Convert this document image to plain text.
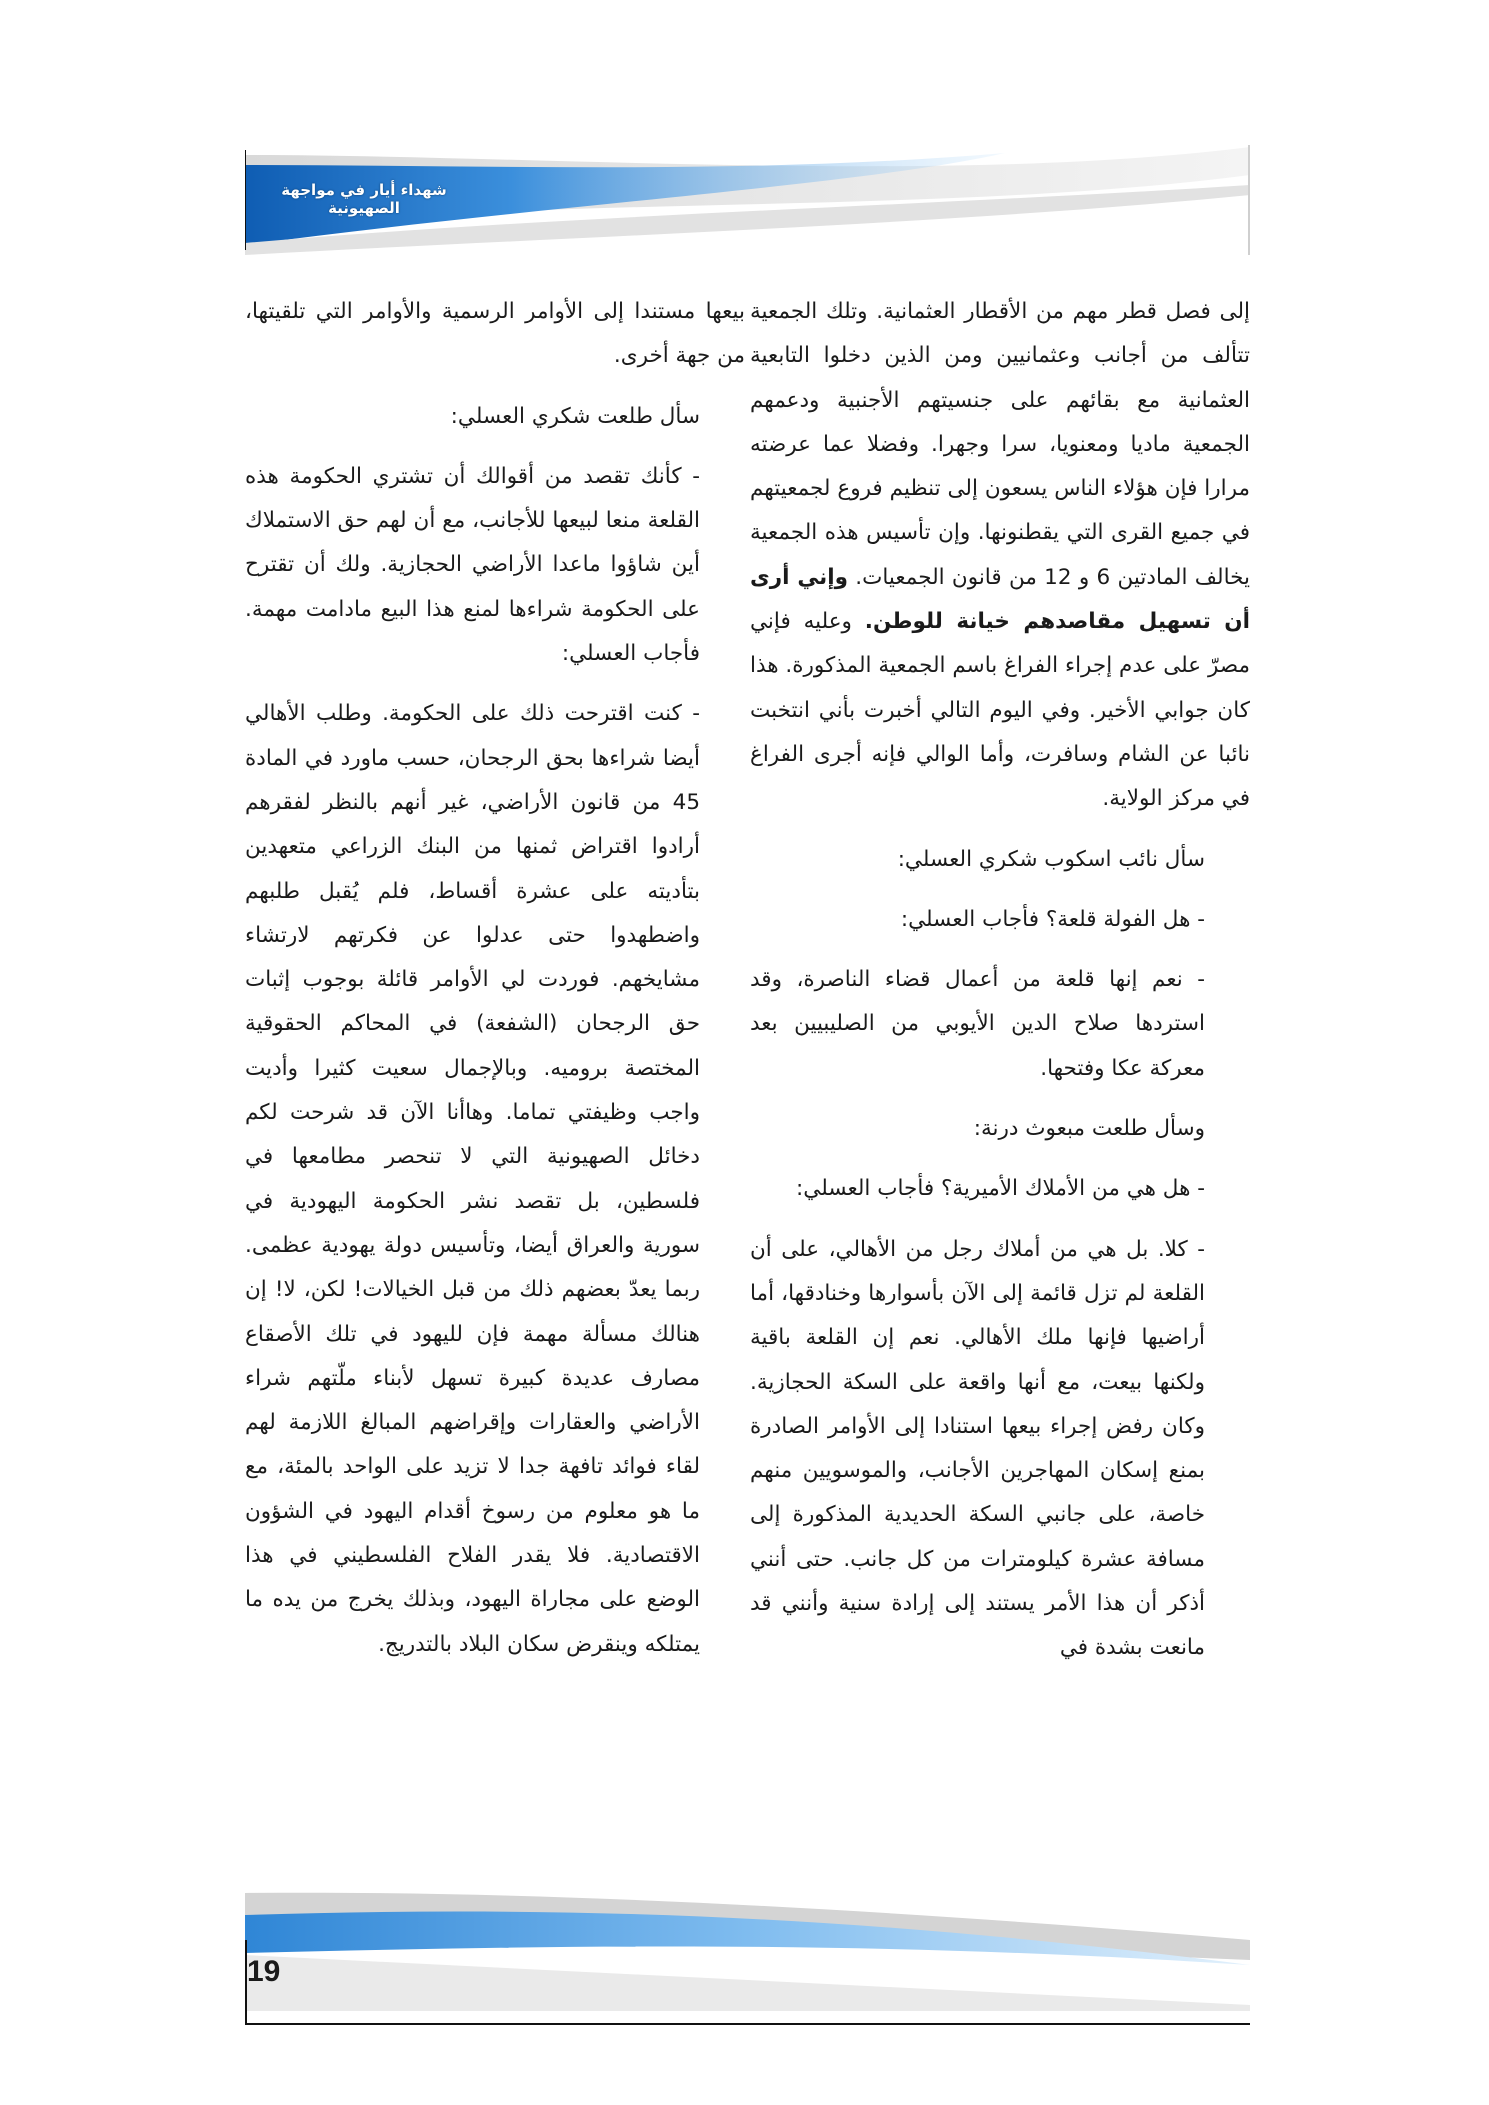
شهداء أيار في مواجهة الصهيونية

إلى فصل قطر مهم من الأقطار العثمانية. وتلك الجمعية تتألف من أجانب وعثمانيين ومن الذين دخلوا التابعية العثمانية مع بقائهم على جنسيتهم الأجنبية ودعمهم الجمعية ماديا ومعنويا، سرا وجهرا. وفضلا عما عرضته مرارا فإن هؤلاء الناس يسعون إلى تنظيم فروع لجمعيتهم في جميع القرى التي يقطنونها. وإن تأسيس هذه الجمعية يخالف المادتين 6 و 12 من قانون الجمعيات. وإني أرى أن تسهيل مقاصدهم خيانة للوطن. وعليه فإني مصرّ على عدم إجراء الفراغ باسم الجمعية المذكورة. هذا كان جوابي الأخير. وفي اليوم التالي أخبرت بأني انتخبت نائبا عن الشام وسافرت، وأما الوالي فإنه أجرى الفراغ في مركز الولاية.

سأل نائب اسكوب شكري العسلي:

- هل الفولة قلعة؟ فأجاب العسلي:

- نعم إنها قلعة من أعمال قضاء الناصرة، وقد استردها صلاح الدين الأيوبي من الصليبيين بعد معركة عكا وفتحها.

وسأل طلعت مبعوث درنة:

- هل هي من الأملاك الأميرية؟ فأجاب العسلي:

- كلا. بل هي من أملاك رجل من الأهالي، على أن القلعة لم تزل قائمة إلى الآن بأسوارها وخنادقها، أما أراضيها فإنها ملك الأهالي. نعم إن القلعة باقية ولكنها بيعت، مع أنها واقعة على السكة الحجازية. وكان رفض إجراء بيعها استنادا إلى الأوامر الصادرة بمنع إسكان المهاجرين الأجانب، والموسويين منهم خاصة، على جانبي السكة الحديدية المذكورة إلى مسافة عشرة كيلومترات من كل جانب. حتى أنني أذكر أن هذا الأمر يستند إلى إرادة سنية وأنني قد مانعت بشدة في

بيعها مستندا إلى الأوامر الرسمية والأوامر التي تلقيتها، من جهة أخرى.

سأل طلعت شكري العسلي:

- كأنك تقصد من أقوالك أن تشتري الحكومة هذه القلعة منعا لبيعها للأجانب، مع أن لهم حق الاستملاك أين شاؤوا ماعدا الأراضي الحجازية. ولك أن تقترح على الحكومة شراءها لمنع هذا البيع مادامت مهمة. فأجاب العسلي:

- كنت اقترحت ذلك على الحكومة. وطلب الأهالي أيضا شراءها بحق الرجحان، حسب ماورد في المادة 45 من قانون الأراضي، غير أنهم بالنظر لفقرهم أرادوا اقتراض ثمنها من البنك الزراعي متعهدين بتأديته على عشرة أقساط، فلم يُقبل طلبهم واضطهدوا حتى عدلوا عن فكرتهم لارتشاء مشايخهم. فوردت لي الأوامر قائلة بوجوب إثبات حق الرجحان (الشفعة) في المحاكم الحقوقية المختصة بروميه. وبالإجمال سعيت كثيرا وأديت واجب وظيفتي تماما. وهاأنا الآن قد شرحت لكم دخائل الصهيونية التي لا تنحصر مطامعها في فلسطين، بل تقصد نشر الحكومة اليهودية في سورية والعراق أيضا، وتأسيس دولة يهودية عظمى. ربما يعدّ بعضهم ذلك من قبل الخيالات! لكن، لا! إن هنالك مسألة مهمة فإن لليهود في تلك الأصقاع مصارف عديدة كبيرة تسهل لأبناء ملّتهم شراء الأراضي والعقارات وإقراضهم المبالغ اللازمة لهم لقاء فوائد تافهة جدا لا تزيد على الواحد بالمئة، مع ما هو معلوم من رسوخ أقدام اليهود في الشؤون الاقتصادية. فلا يقدر الفلاح الفلسطيني في هذا الوضع على مجاراة اليهود، وبذلك يخرج من يده ما يمتلكه وينقرض سكان البلاد بالتدريج.

19
